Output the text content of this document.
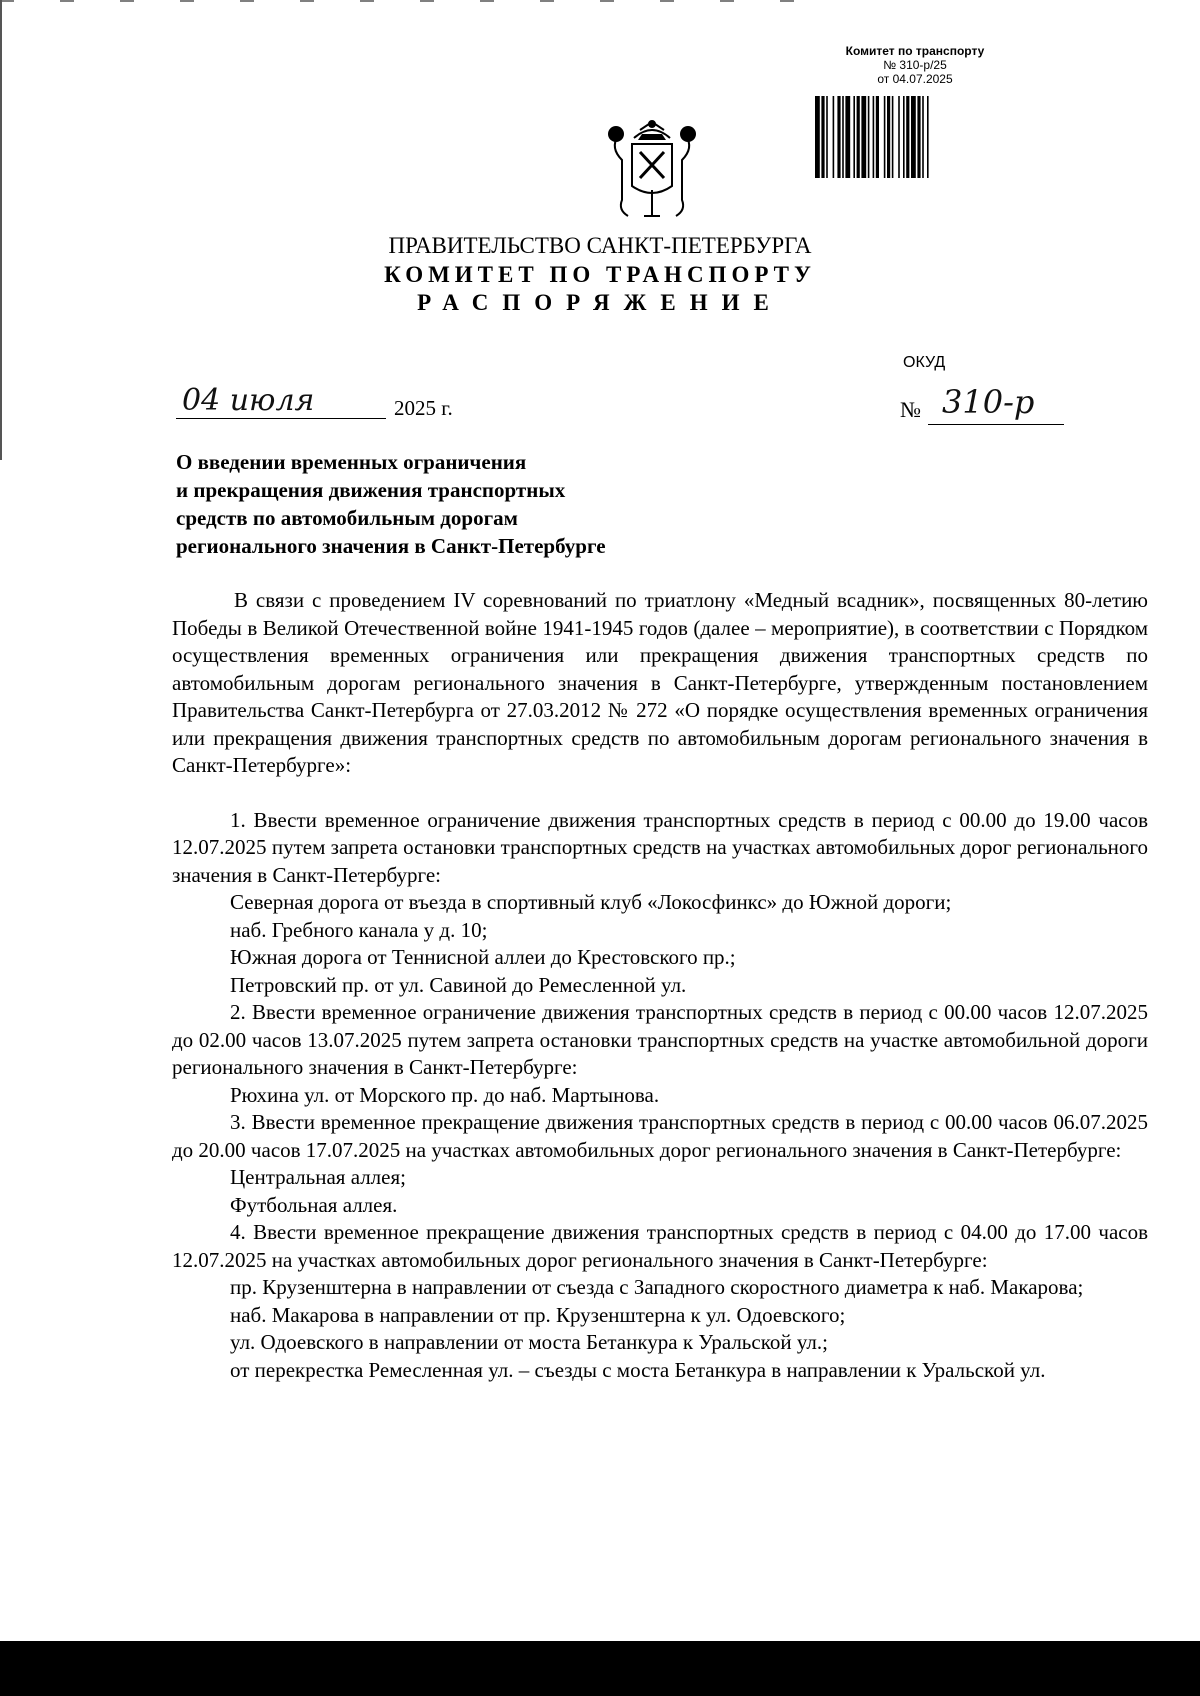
Комитет по транспорту
№ 310-р/25
от 04.07.2025
ПРАВИТЕЛЬСТВО САНКТ-ПЕТЕРБУРГА
КОМИТЕТ ПО ТРАНСПОРТУ
РАСПОРЯЖЕНИЕ
ОКУД
04 июля	2025 г.	№ 310-р
О введении временных ограничения
и прекращения движения транспортных
средств по автомобильным дорогам
регионального значения в Санкт-Петербурге

В связи с проведением IV соревнований по триатлону «Медный всадник», посвященных 80-летию Победы в Великой Отечественной войне 1941-1945 годов (далее – мероприятие), в соответствии с Порядком осуществления временных ограничения или прекращения движения транспортных средств по автомобильным дорогам регионального значения в Санкт-Петербурге, утвержденным постановлением Правительства Санкт-Петербурга от 27.03.2012 № 272 «О порядке осуществления временных ограничения или прекращения движения транспортных средств по автомобильным дорогам регионального значения в Санкт-Петербурге»:

1. Ввести временное ограничение движения транспортных средств в период с 00.00 до 19.00 часов 12.07.2025 путем запрета остановки транспортных средств на участках автомобильных дорог регионального значения в Санкт-Петербурге:

Северная дорога от въезда в спортивный клуб «Локосфинкс» до Южной дороги;

наб. Гребного канала у д. 10;

Южная дорога от Теннисной аллеи до Крестовского пр.;

Петровский пр. от ул. Савиной до Ремесленной ул.

2. Ввести временное ограничение движения транспортных средств в период с 00.00 часов 12.07.2025 до 02.00 часов 13.07.2025 путем запрета остановки транспортных средств на участке автомобильной дороги регионального значения в Санкт-Петербурге:

Рюхина ул. от Морского пр. до наб. Мартынова.

3. Ввести временное прекращение движения транспортных средств в период с 00.00 часов 06.07.2025 до 20.00 часов 17.07.2025 на участках автомобильных дорог регионального значения в Санкт-Петербурге:

Центральная аллея;

Футбольная аллея.

4. Ввести временное прекращение движения транспортных средств в период с 04.00 до 17.00 часов 12.07.2025 на участках автомобильных дорог регионального значения в Санкт-Петербурге:

пр. Крузенштерна в направлении от съезда с Западного скоростного диаметра к наб. Макарова;

наб. Макарова в направлении от пр. Крузенштерна к ул. Одоевского;

ул. Одоевского в направлении от моста Бетанкура к Уральской ул.;

от перекрестка Ремесленная ул. – съезды с моста Бетанкура в направлении к Уральской ул.
